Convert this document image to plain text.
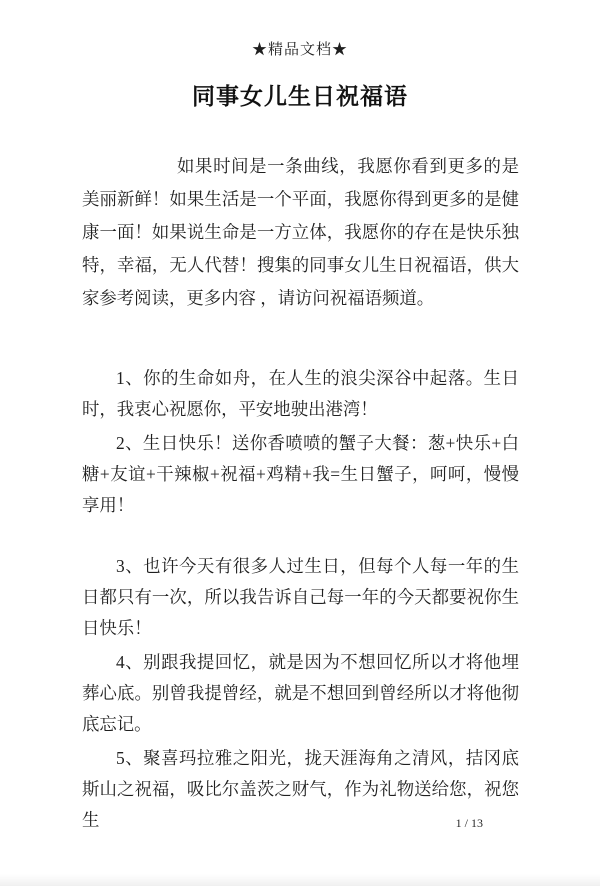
★精品文档★
同事女儿生日祝福语

如果时间是一条曲线，我愿你看到更多的是美丽新鲜！如果生活是一个平面，我愿你得到更多的是健康一面！如果说生命是一方立体，我愿你的存在是快乐独特，幸福，无人代替！搜集的同事女儿生日祝福语，供大家参考阅读，更多内容 ，请访问祝福语频道。

1、你的生命如舟，在人生的浪尖深谷中起落。生日时，我衷心祝愿你，平安地驶出港湾！

2、生日快乐！送你香喷喷的蟹子大餐：葱+快乐+白糖+友谊+干辣椒+祝福+鸡精+我=生日蟹子，呵呵，慢慢享用！

3、也许今天有很多人过生日，但每个人每一年的生日都只有一次，所以我告诉自己每一年的今天都要祝你生日快乐！

4、别跟我提回忆，就是因为不想回忆所以才将他埋葬心底。别曾我提曾经，就是不想回到曾经所以才将他彻底忘记。

5、聚喜玛拉雅之阳光，拢天涯海角之清风，拮冈底斯山之祝福，吸比尔盖茨之财气，作为礼物送给您，祝您生	1 / 13
